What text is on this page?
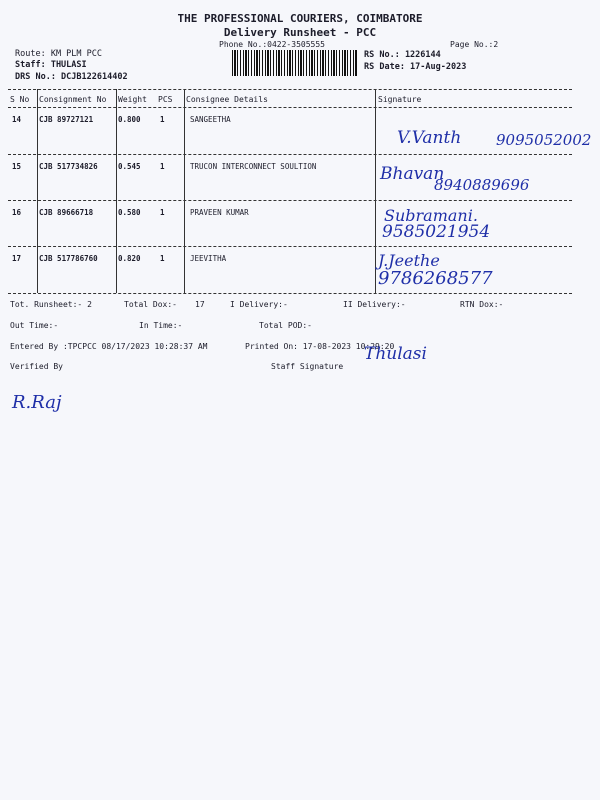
THE PROFESSIONAL COURIERS, COIMBATORE
Delivery Runsheet - PCC
Phone No.:0422-3505555	Page No.:2
Route: KM PLM PCC
Staff: THULASI
DRS No.: DCJB122614402
RS No.: 1226144
RS Date: 17-Aug-2023
S No Consignment No Weight PCS Consignee Details	Signature
14 CJB 89727121	0.800	1	SANGEETHA
V.Vanth 9095052002
15 CJB 517734826	0.545	1	TRUCON INTERCONNECT SOULTION	Bhavan
8940889696
16 CJB 89666718	0.580	1	PRAVEEN KUMAR	Subramani.
9585021954
17 CJB 517786760	0.820	1	JEEVITHA	J.Jeethe
9786268577
Tot. Runsheet:- 2	Total Dox:- 17	I Delivery:-	II Delivery:-	RTN Dox:-
Out Time:-	In Time:-	Total POD:-
Entered By :TPCPCC 08/17/2023 10:28:37 AM	Printed On: 17-08-2023 10:29:20
Verified By	Staff Signature
Thulasi
R.Raj
